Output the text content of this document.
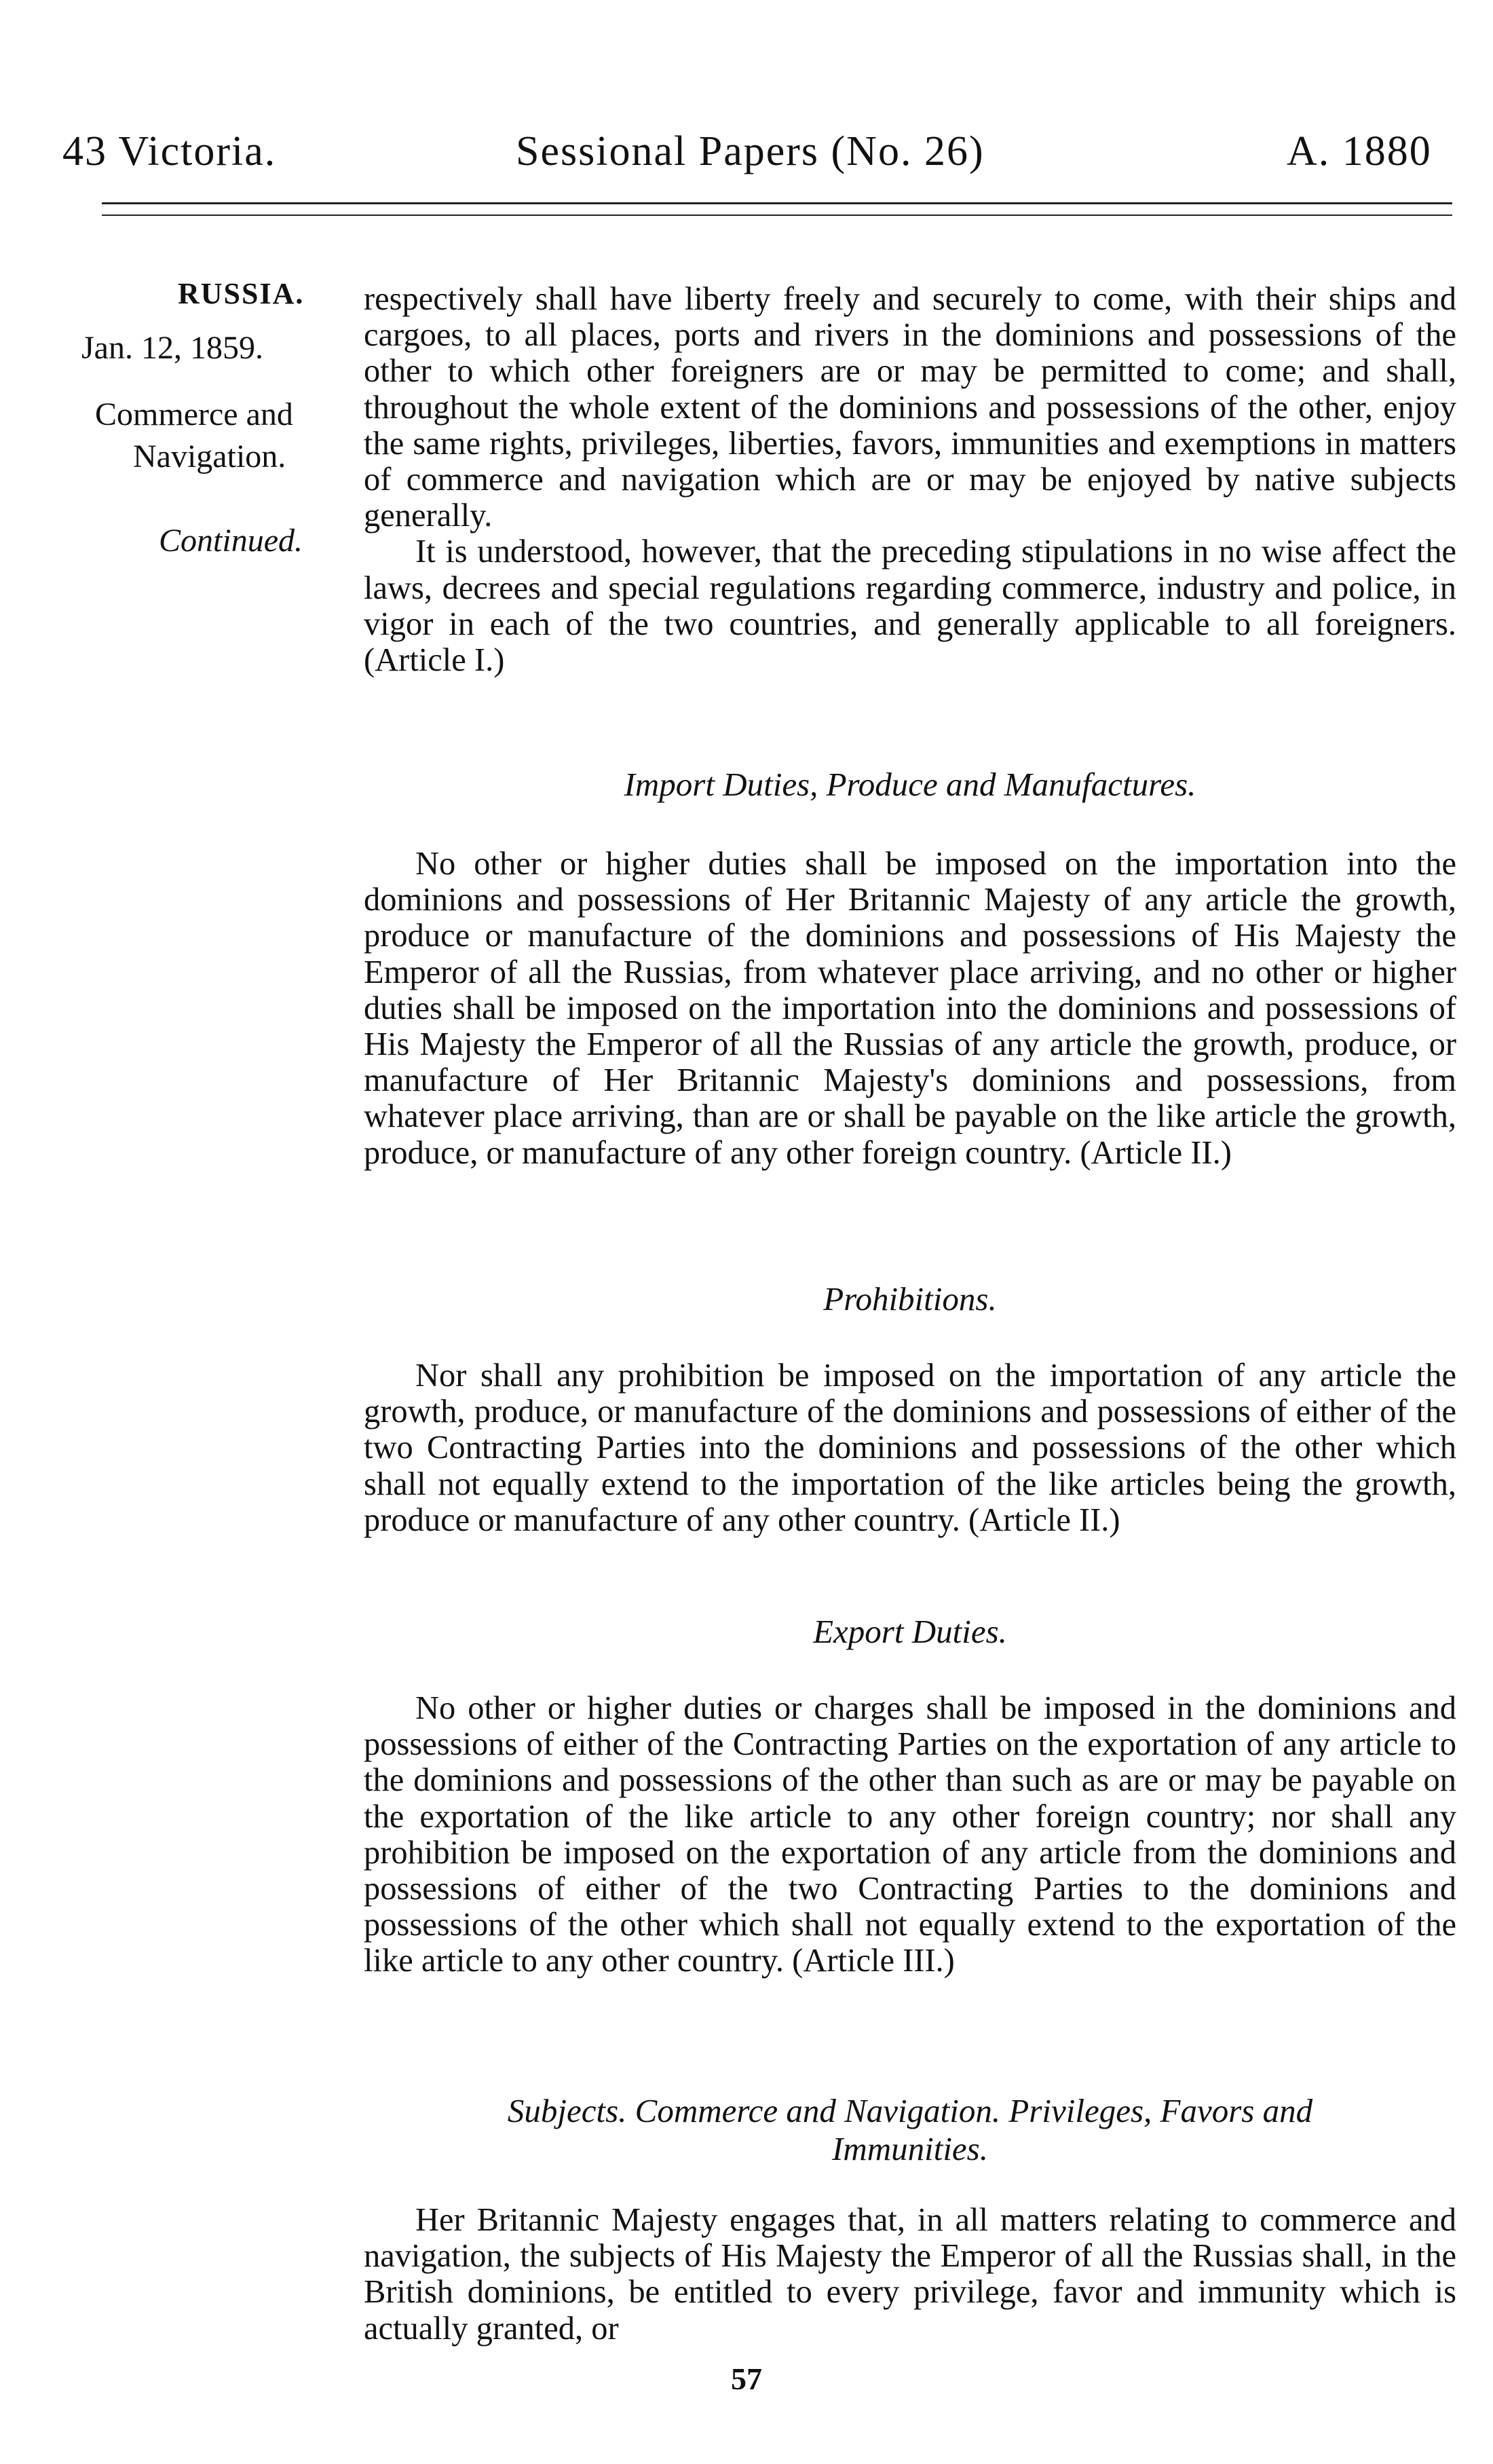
43 Victoria.	Sessional Papers (No. 26)	A. 1880
RUSSIA.
Jan. 12, 1859.
Commerce and
Navigation.
Continued.

respectively shall have liberty freely and securely to come, with their ships and cargoes, to all places, ports and rivers in the dominions and possessions of the other to which other foreigners are or may be permitted to come; and shall, throughout the whole extent of the dominions and possessions of the other, enjoy the same rights, privileges, liberties, favors, immunities and exemptions in matters of commerce and navigation which are or may be enjoyed by native subjects generally.

It is understood, however, that the preceding stipulations in no wise affect the laws, decrees and special regulations regarding commerce, industry and police, in vigor in each of the two countries, and generally applicable to all foreigners. (Article I.)

Import Duties, Produce and Manufactures.

No other or higher duties shall be imposed on the importation into the dominions and possessions of Her Britannic Majesty of any article the growth, produce or manufacture of the dominions and possessions of His Majesty the Emperor of all the Russias, from whatever place arriving, and no other or higher duties shall be imposed on the importation into the dominions and possessions of His Majesty the Emperor of all the Russias of any article the growth, produce, or manufacture of Her Britannic Majesty's dominions and possessions, from whatever place arriving, than are or shall be payable on the like article the growth, produce, or manufacture of any other foreign country. (Article II.)

Prohibitions.

Nor shall any prohibition be imposed on the importation of any article the growth, produce, or manufacture of the dominions and possessions of either of the two Contracting Parties into the dominions and possessions of the other which shall not equally extend to the importation of the like articles being the growth, produce or manufacture of any other country. (Article II.)

Export Duties.

No other or higher duties or charges shall be imposed in the dominions and possessions of either of the Contracting Parties on the exportation of any article to the dominions and possessions of the other than such as are or may be payable on the exportation of the like article to any other foreign country; nor shall any prohibition be imposed on the exportation of any article from the dominions and possessions of either of the two Contracting Parties to the dominions and possessions of the other which shall not equally extend to the exportation of the like article to any other country. (Article III.)

Subjects. Commerce and Navigation. Privileges, Favors and
Immunities.

Her Britannic Majesty engages that, in all matters relating to commerce and navigation, the subjects of His Majesty the Emperor of all the Russias shall, in the British dominions, be entitled to every privilege, favor and immunity which is actually granted, or

57
